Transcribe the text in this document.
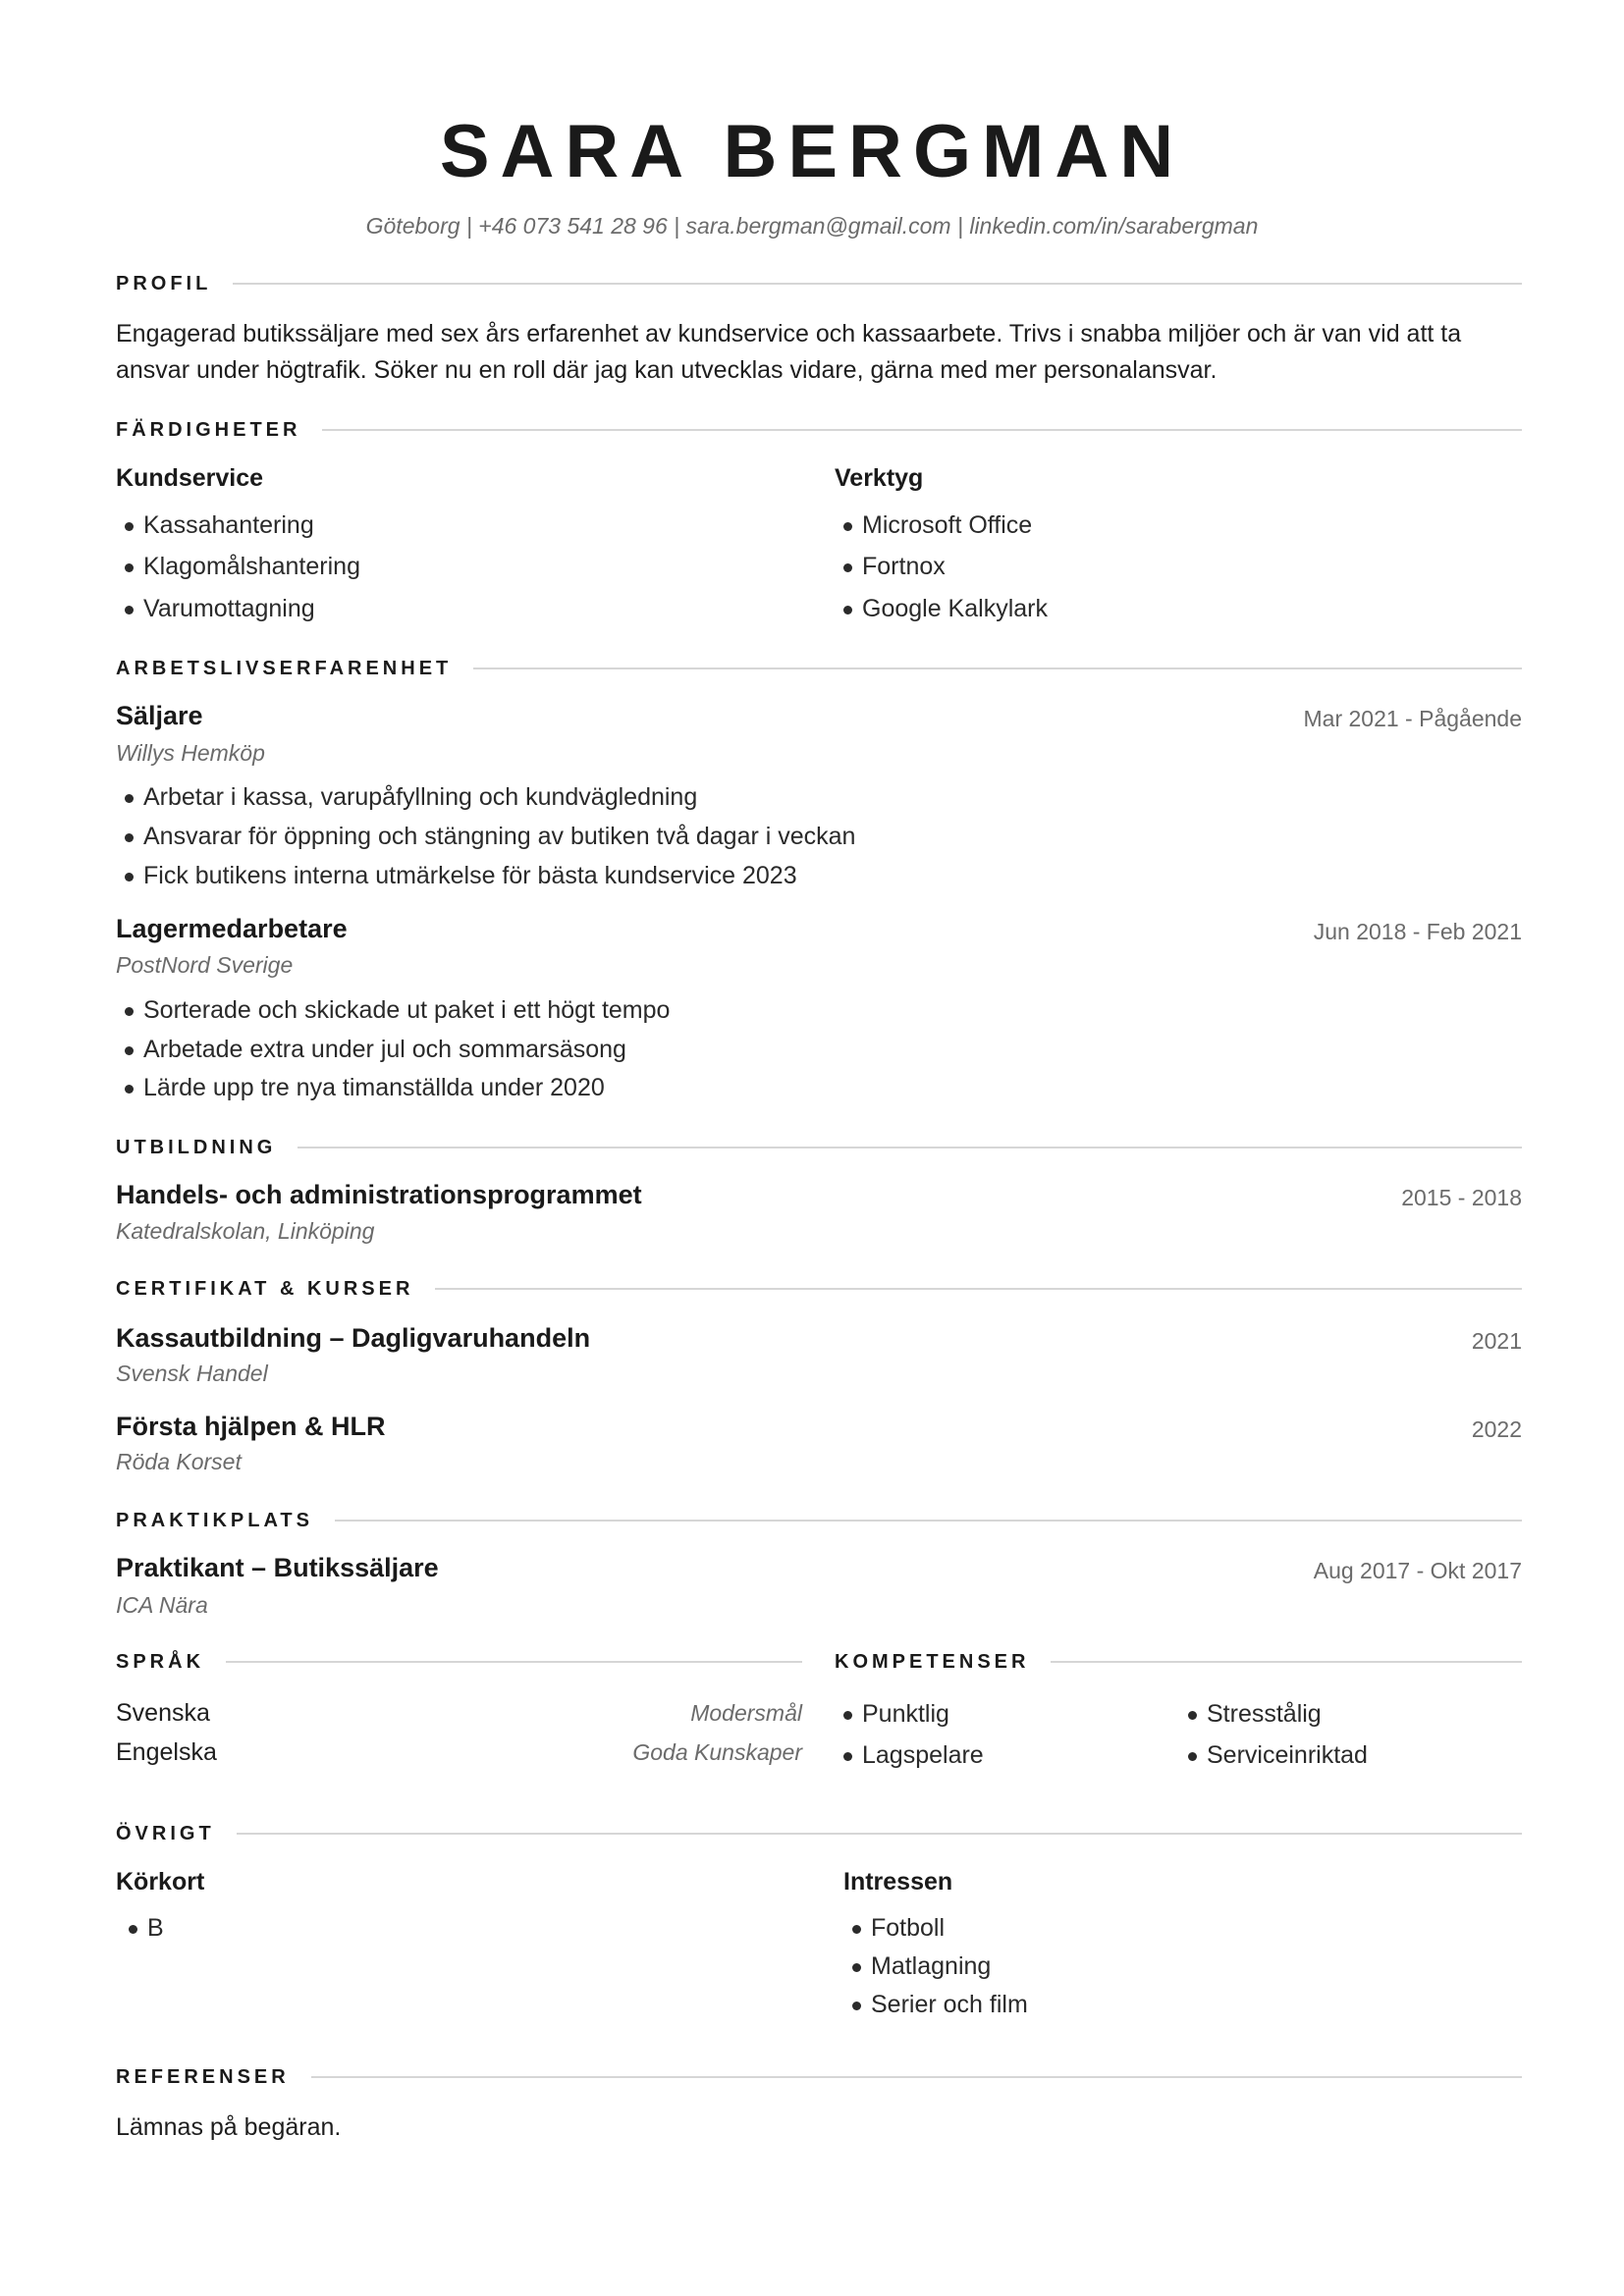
SARA BERGMAN
Göteborg | +46 073 541 28 96 | sara.bergman@gmail.com | linkedin.com/in/sarabergman
PROFIL
Engagerad butikssäljare med sex års erfarenhet av kundservice och kassaarbete. Trivs i snabba miljöer och är van vid att ta
ansvar under högtrafik. Söker nu en roll där jag kan utvecklas vidare, gärna med mer personalansvar.
FÄRDIGHETER
Kundservice
Kassahantering
Klagomålshantering
Varumottagning
Verktyg
Microsoft Office
Fortnox
Google Kalkylark
ARBETSLIVSERFARENHET
Säljare	Mar 2021 - Pågående
Willys Hemköp
Arbetar i kassa, varupåfyllning och kundvägledning
Ansvarar för öppning och stängning av butiken två dagar i veckan
Fick butikens interna utmärkelse för bästa kundservice 2023
Lagermedarbetare	Jun 2018 - Feb 2021
PostNord Sverige
Sorterade och skickade ut paket i ett högt tempo
Arbetade extra under jul och sommarsäsong
Lärde upp tre nya timanställda under 2020
UTBILDNING
Handels- och administrationsprogrammet	2015 - 2018
Katedralskolan, Linköping
CERTIFIKAT & KURSER
Kassautbildning – Dagligvaruhandeln	2021
Svensk Handel
Första hjälpen & HLR	2022
Röda Korset
PRAKTIKPLATS
Praktikant – Butikssäljare	Aug 2017 - Okt 2017
ICA Nära
SPRÅK
Svenska	Modersmål
Engelska	Goda Kunskaper
KOMPETENSER
Punktlig
Lagspelare
Stresstålig
Serviceinriktad
ÖVRIGT
Körkort
B
Intressen
Fotboll
Matlagning
Serier och film
REFERENSER
Lämnas på begäran.
